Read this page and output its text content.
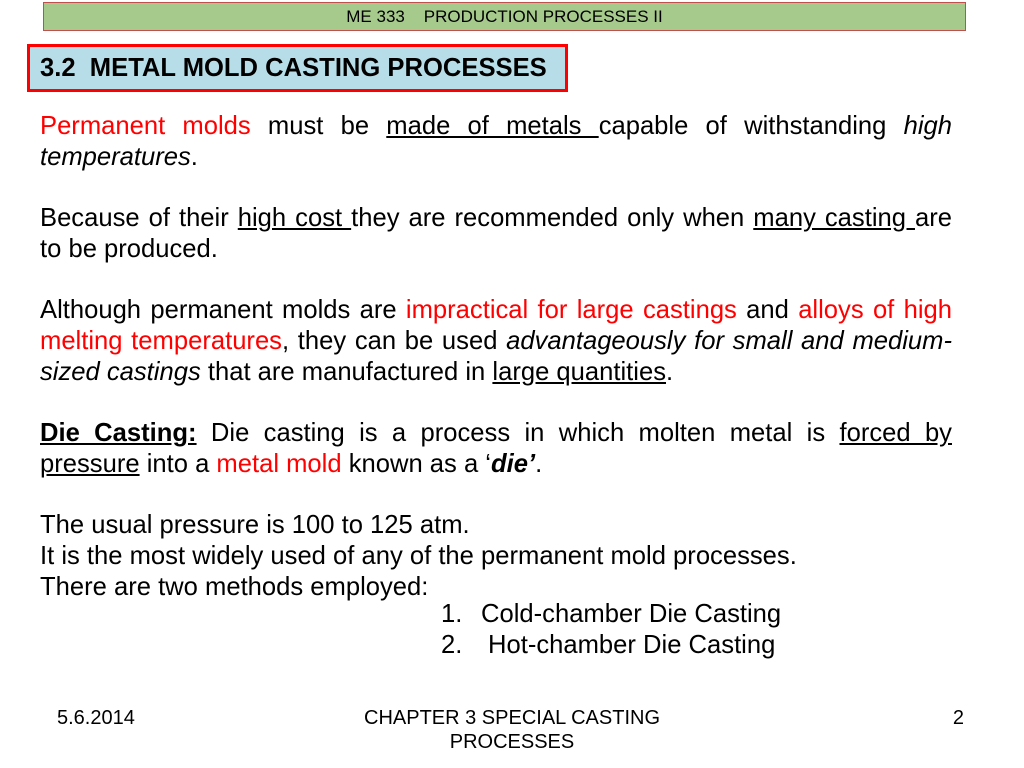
ME 333    PRODUCTION PROCESSES II
3.2  METAL MOLD CASTING PROCESSES

Permanent molds must be made of metals capable of withstanding high temperatures.

Because of their high cost they are recommended only when many casting are to be produced.

Although permanent molds are impractical for large castings and alloys of high melting temperatures, they can be used advantageously for small and medium-sized castings that are manufactured in large quantities.

Die Casting: Die casting is a process in which molten metal is forced by pressure into a metal mold known as a ‘die’.

The usual pressure is 100 to 125 atm.
It is the most widely used of any of the permanent mold processes.
There are two methods employed:
1. Cold-chamber Die Casting
2. Hot-chamber Die Casting
5.6.2014	CHAPTER 3 SPECIAL CASTING PROCESSES
2
